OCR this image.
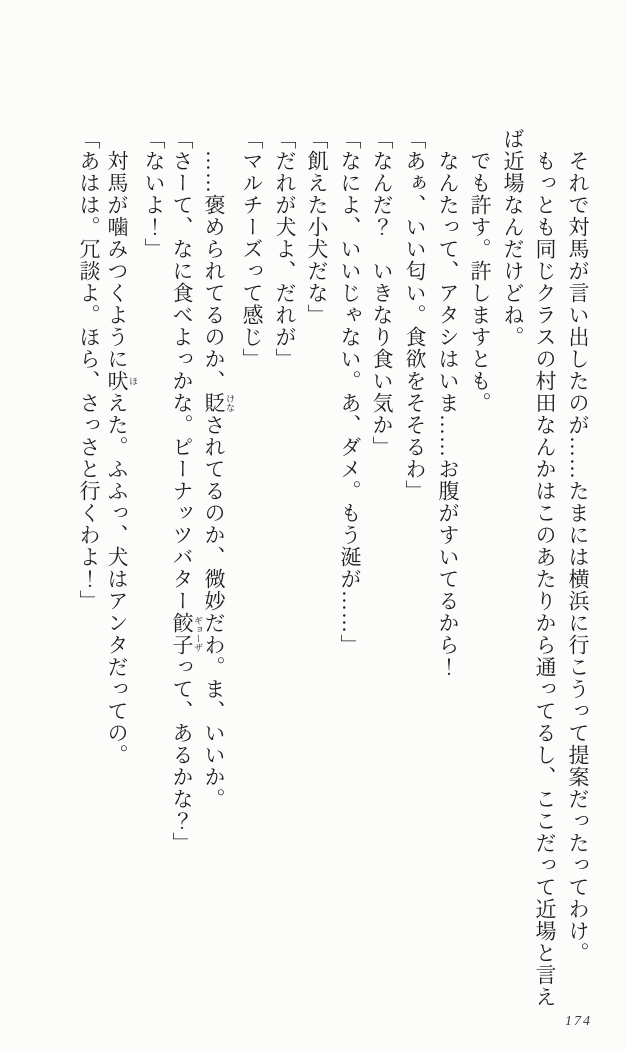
　それで対馬が言い出したのが……たまには横浜に行こうって提案だったってわけ。
　もっとも同じクラスの村田なんかはこのあたりから通ってるし、ここだって近場と言え
ば近場なんだけどね。
　でも許す。許しますとも。
　なんたって、アタシはいま……お腹がすいてるから！
「あぁ、いい匂い。食欲をそそるわ」
「なんだ？　いきなり食い気か」
「なによ、いいじゃない。あ、ダメ。もう涎が……」
「飢えた小犬だな」
「だれが犬よ、だれが」
「マルチーズって感じ」
　……褒められてるのか、貶 けなされてるのか、微妙だわ。ま、いいか。
「さーて、なに食べよっかな。ピーナッツバター餃子 ギョーザって、あるかな？」
「ないよ！」
　対馬が噛みつくように吠 ほえた。ふふっ、犬はアンタだっての。
「あはは。冗談よ。ほら、さっさと行くわよ！」
174
